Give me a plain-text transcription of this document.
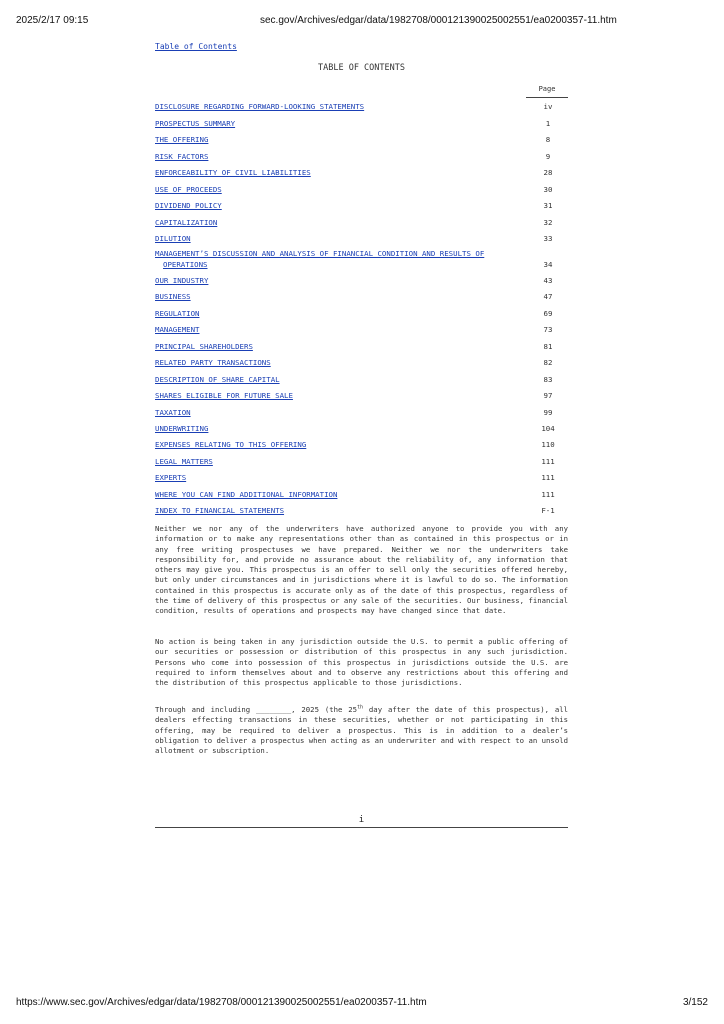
2025/2/17 09:15	sec.gov/Archives/edgar/data/1982708/000121390025002551/ea0200357-11.htm
Table of Contents
TABLE OF CONTENTS
Page
DISCLOSURE REGARDING FORWARD-LOOKING STATEMENTS	iv
PROSPECTUS SUMMARY	1
THE OFFERING	8
RISK FACTORS	9
ENFORCEABILITY OF CIVIL LIABILITIES	28
USE OF PROCEEDS	30
DIVIDEND POLICY	31
CAPITALIZATION	32
DILUTION	33
MANAGEMENT’S DISCUSSION AND ANALYSIS OF FINANCIAL CONDITION AND RESULTS OF
OPERATIONS	34
OUR INDUSTRY	43
BUSINESS	47
REGULATION	69
MANAGEMENT	73
PRINCIPAL SHAREHOLDERS	81
RELATED PARTY TRANSACTIONS	82
DESCRIPTION OF SHARE CAPITAL	83
SHARES ELIGIBLE FOR FUTURE SALE	97
TAXATION	99
UNDERWRITING	104
EXPENSES RELATING TO THIS OFFERING	110
LEGAL MATTERS	111
EXPERTS	111
WHERE YOU CAN FIND ADDITIONAL INFORMATION	111
INDEX TO FINANCIAL STATEMENTS	F-1
Neither we nor any of the underwriters have authorized anyone to provide you with any information or to make any representations other than as contained in this prospectus or in any free writing prospectuses we have prepared. Neither we nor the underwriters take responsibility for, and provide no assurance about the reliability of, any information that others may give you. This prospectus is an offer to sell only the securities offered hereby, but only under circumstances and in jurisdictions where it is lawful to do so. The information contained in this prospectus is accurate only as of the date of this prospectus, regardless of the time of delivery of this prospectus or any sale of the securities. Our business, financial condition, results of operations and prospects may have changed since that date.
No action is being taken in any jurisdiction outside the U.S. to permit a public offering of our securities or possession or distribution of this prospectus in any such jurisdiction. Persons who come into possession of this prospectus in jurisdictions outside the U.S. are required to inform themselves about and to observe any restrictions about this offering and the distribution of this prospectus applicable to those jurisdictions.
Through and including ________, 2025 (the 25th day after the date of this prospectus), all dealers effecting transactions in these securities, whether or not participating in this offering, may be required to deliver a prospectus. This is in addition to a dealer’s obligation to deliver a prospectus when acting as an underwriter and with respect to an unsold allotment or subscription.
i
https://www.sec.gov/Archives/edgar/data/1982708/000121390025002551/ea0200357-11.htm	3/152
